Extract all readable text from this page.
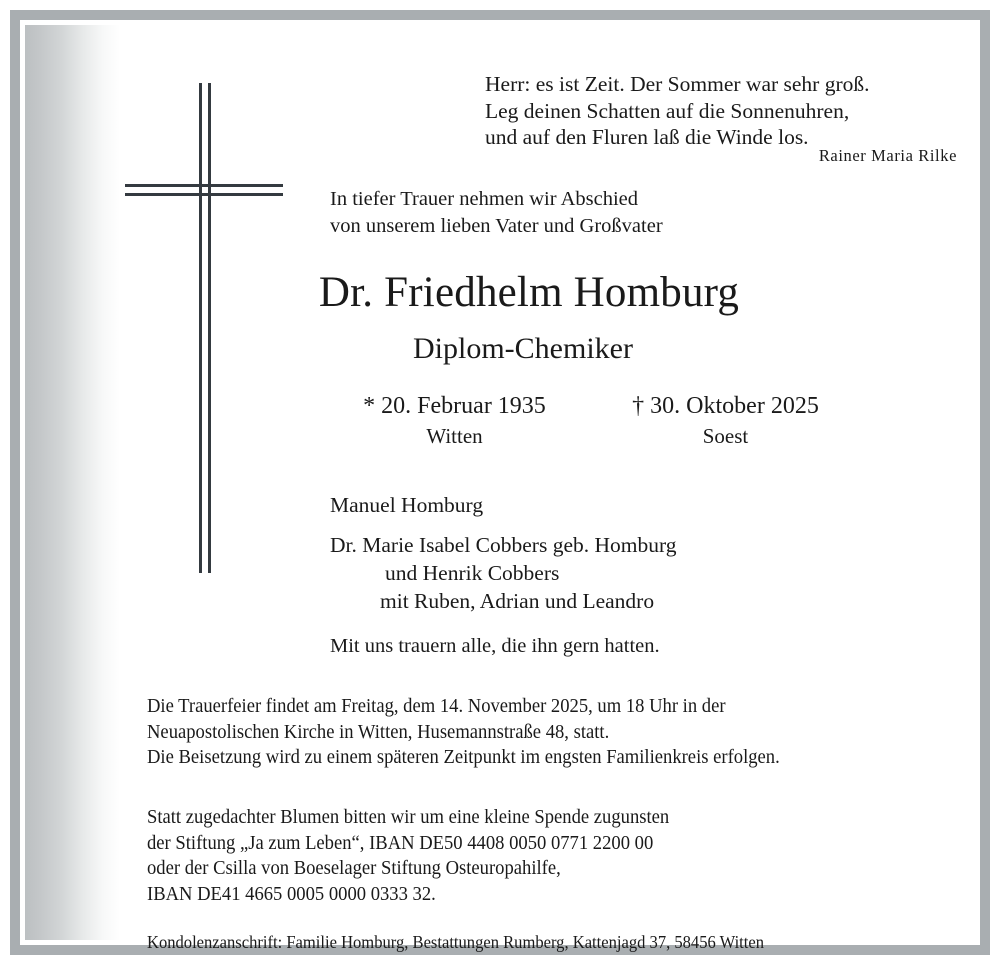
Herr: es ist Zeit. Der Sommer war sehr groß.
Leg deinen Schatten auf die Sonnenuhren,
und auf den Fluren laß die Winde los.
Rainer Maria Rilke
In tiefer Trauer nehmen wir Abschied
von unserem lieben Vater und Großvater
Dr. Friedhelm Homburg
Diplom-Chemiker
* 20. Februar 1935	† 30. Oktober 2025
Witten	Soest
Manuel Homburg
Dr. Marie Isabel Cobbers geb. Homburg
und Henrik Cobbers
mit Ruben, Adrian und Leandro
Mit uns trauern alle, die ihn gern hatten.
Die Trauerfeier findet am Freitag, dem 14. November 2025, um 18 Uhr in der
Neuapostolischen Kirche in Witten, Husemannstraße 48, statt.
Die Beisetzung wird zu einem späteren Zeitpunkt im engsten Familienkreis erfolgen.
Statt zugedachter Blumen bitten wir um eine kleine Spende zugunsten
der Stiftung „Ja zum Leben“, IBAN DE50 4408 0050 0771 2200 00
oder der Csilla von Boeselager Stiftung Osteuropahilfe,
IBAN DE41 4665 0005 0000 0333 32.
Kondolenzanschrift: Familie Homburg, Bestattungen Rumberg, Kattenjagd 37, 58456 Witten
